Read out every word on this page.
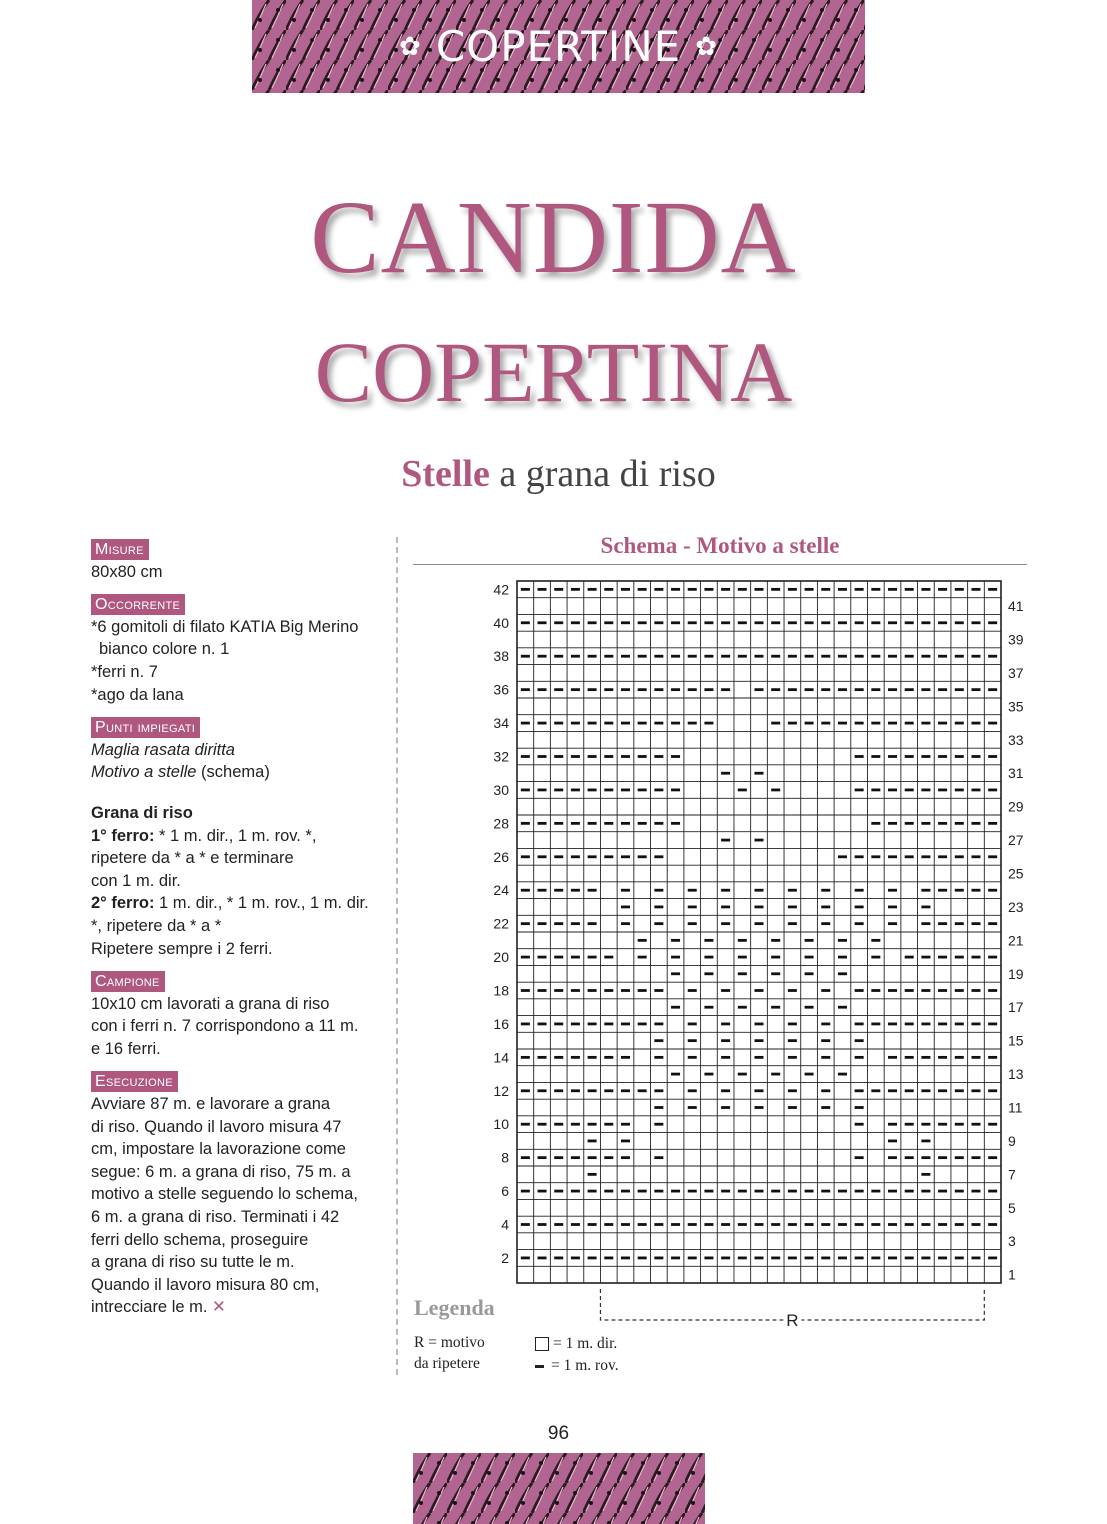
✿ COPERTINE ✿
CANDIDA
COPERTINA
Stelle a grana di riso
Misure

80x80 cm

Occorrente

*6 gomitoli di filato KATIA Big Merino

bianco colore n. 1

*ferri n. 7

*ago da lana

Punti impiegati

Maglia rasata diritta

Motivo a stelle (schema)

Grana di riso

1° ferro: * 1 m. dir., 1 m. rov. *,

ripetere da * a * e terminare

con 1 m. dir.

2° ferro: 1 m. dir., * 1 m. rov., 1 m. dir.

*, ripetere da * a *

Ripetere sempre i 2 ferri.

Campione

10x10 cm lavorati a grana di riso

con i ferri n. 7 corrispondono a 11 m.

e 16 ferri.

Esecuzione

Avviare 87 m. e lavorare a grana

di riso. Quando il lavoro misura 47

cm, impostare la lavorazione come

segue: 6 m. a grana di riso, 75 m. a

motivo a stelle seguendo lo schema,

6 m. a grana di riso. Terminati i 42

ferri dello schema, proseguire

a grana di riso su tutte le m.

Quando il lavoro misura 80 cm,

intrecciare le m. ✕

Schema - Motivo a stelle
2
4
6
8
10
12
14
16
18
20
22
24
26
28
30
32
34
36
38
40
42
1
3
5
7
9
11
13
15
17
19
21
23
25
27
29
31
33
35
37
39
41
R
Legenda
R = motivo
da ripetere
= 1 m. dir.
= 1 m. rov.
96
